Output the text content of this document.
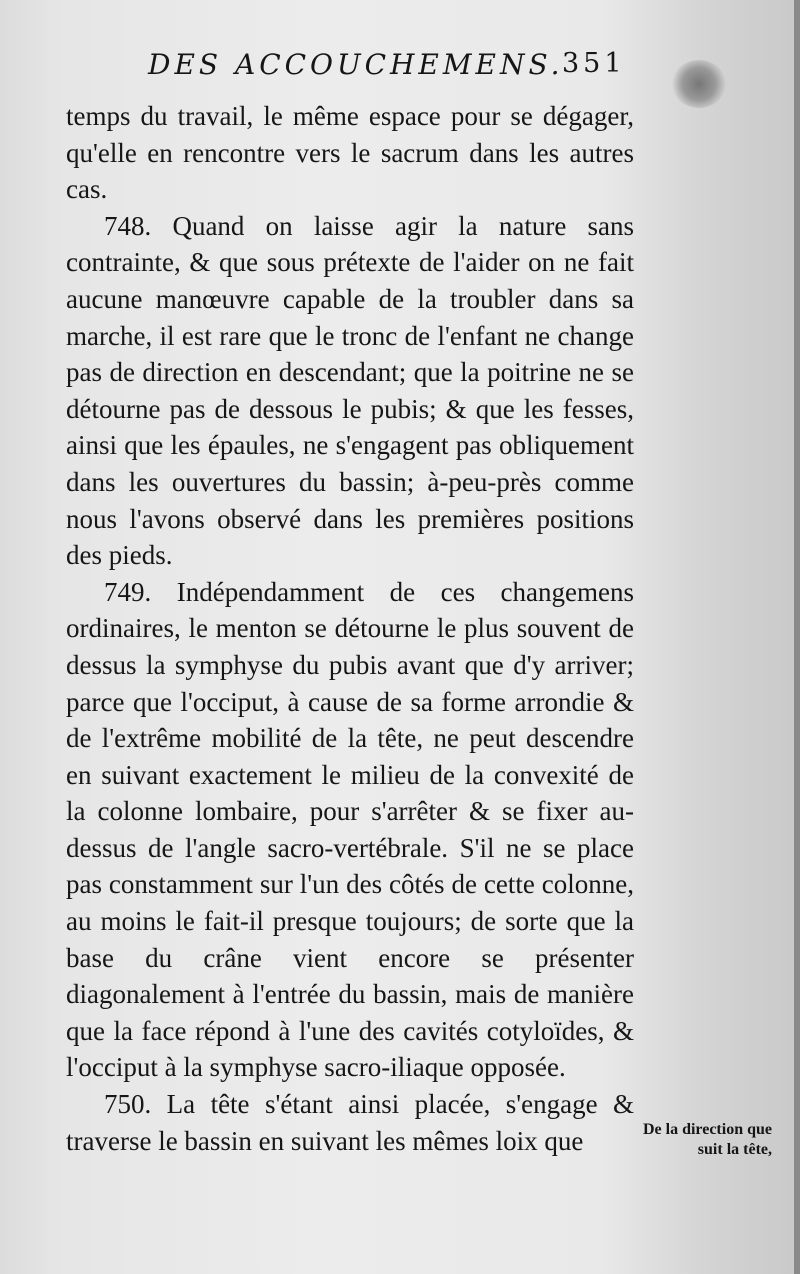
DES ACCOUCHEMENS.
351

temps du travail, le même espace pour se dégager, qu'elle en rencontre vers le sacrum dans les autres cas.

748. Quand on laisse agir la nature sans contrainte, & que sous prétexte de l'aider on ne fait aucune manœuvre capable de la troubler dans sa marche, il est rare que le tronc de l'enfant ne change pas de direction en descendant; que la poitrine ne se détourne pas de dessous le pubis; & que les fesses, ainsi que les épaules, ne s'engagent pas obliquement dans les ouvertures du bassin; à-peu-près comme nous l'avons observé dans les premières positions des pieds.

749. Indépendamment de ces changemens ordinaires, le menton se détourne le plus souvent de dessus la symphyse du pubis avant que d'y arriver; parce que l'occiput, à cause de sa forme arrondie & de l'extrême mobilité de la tête, ne peut descendre en suivant exactement le milieu de la convexité de la colonne lombaire, pour s'arrêter & se fixer au-dessus de l'angle sacro-vertébrale. S'il ne se place pas constamment sur l'un des côtés de cette colonne, au moins le fait-il presque toujours; de sorte que la base du crâne vient encore se présenter diagonalement à l'entrée du bassin, mais de manière que la face répond à l'une des cavités cotyloïdes, & l'occiput à la symphyse sacro-iliaque opposée.

750. La tête s'étant ainsi placée, s'engage & traverse le bassin en suivant les mêmes loix que	De la direction que suit la tête,
